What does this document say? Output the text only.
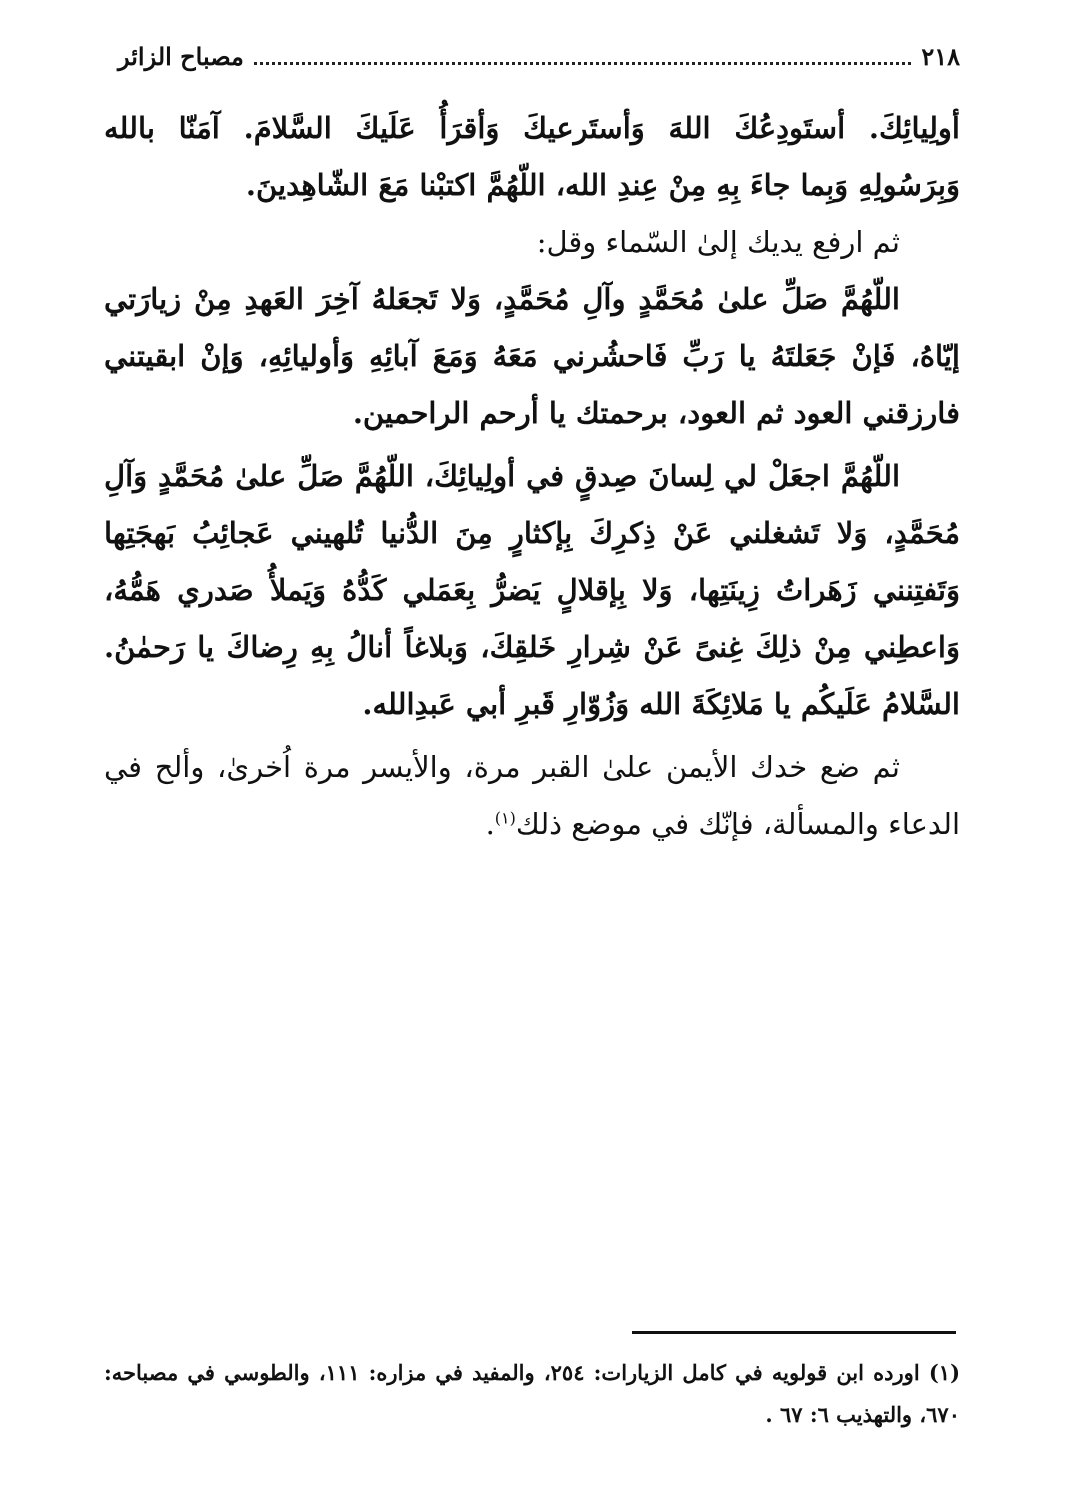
٢١٨
مصباح الزائر

أولِيائِكَ. أستَودِعُكَ اللهَ وَأستَرعيكَ وَأقرَأُ عَلَيكَ السَّلامَ. آمَنّا بالله وَبِرَسُولِهِ وَبِما جاءَ بِهِ مِنْ عِندِ الله، اللّهُمَّ اكتبْنا مَعَ الشّاهِدينَ.

ثم ارفع يديك إلىٰ السّماء وقل:

اللّهُمَّ صَلِّ علىٰ مُحَمَّدٍ وآلِ مُحَمَّدٍ، وَلا تَجعَلهُ آخِرَ العَهدِ مِنْ زيارَتي إيّاهُ، فَإنْ جَعَلتَهُ يا رَبِّ فَاحشُرني مَعَهُ وَمَعَ آبائِهِ وَأوليائِهِ، وَإنْ ابقيتني فارزقني العود ثم العود، برحمتك يا أرحم الراحمين.

اللّهُمَّ اجعَلْ لي لِسانَ صِدقٍ في أولِيائِكَ، اللّهُمَّ صَلِّ علىٰ مُحَمَّدٍ وَآلِ مُحَمَّدٍ، وَلا تَشغلني عَنْ ذِكرِكَ بِإكثارٍ مِنَ الدُّنيا تُلهيني عَجائِبُ بَهجَتِها وَتَفتِنني زَهَراتُ زِينَتِها، وَلا بِإقلالٍ يَضرُّ بِعَمَلي كَدُّهُ وَيَملأُ صَدري هَمُّهُ، وَاعطِني مِنْ ذلِكَ غِنىً عَنْ شِرارِ خَلقِكَ، وَبلاغاً أنالُ بِهِ رِضاكَ يا رَحمٰنُ. السَّلامُ عَلَيكُم يا مَلائِكَةَ الله وَزُوّارِ قَبرِ أبي عَبدِالله.

ثم ضع خدك الأيمن علىٰ القبر مرة، والأيسر مرة اُخرىٰ، وألح في الدعاء والمسألة، فإنّك في موضع ذلك$^{(١)}$.

(١) اورده ابن قولويه في كامل الزيارات: ٢٥٤، والمفيد في مزاره: ١١١، والطوسي في مصباحه: ٦٧٠، والتهذيب ٦: ٦٧ .
